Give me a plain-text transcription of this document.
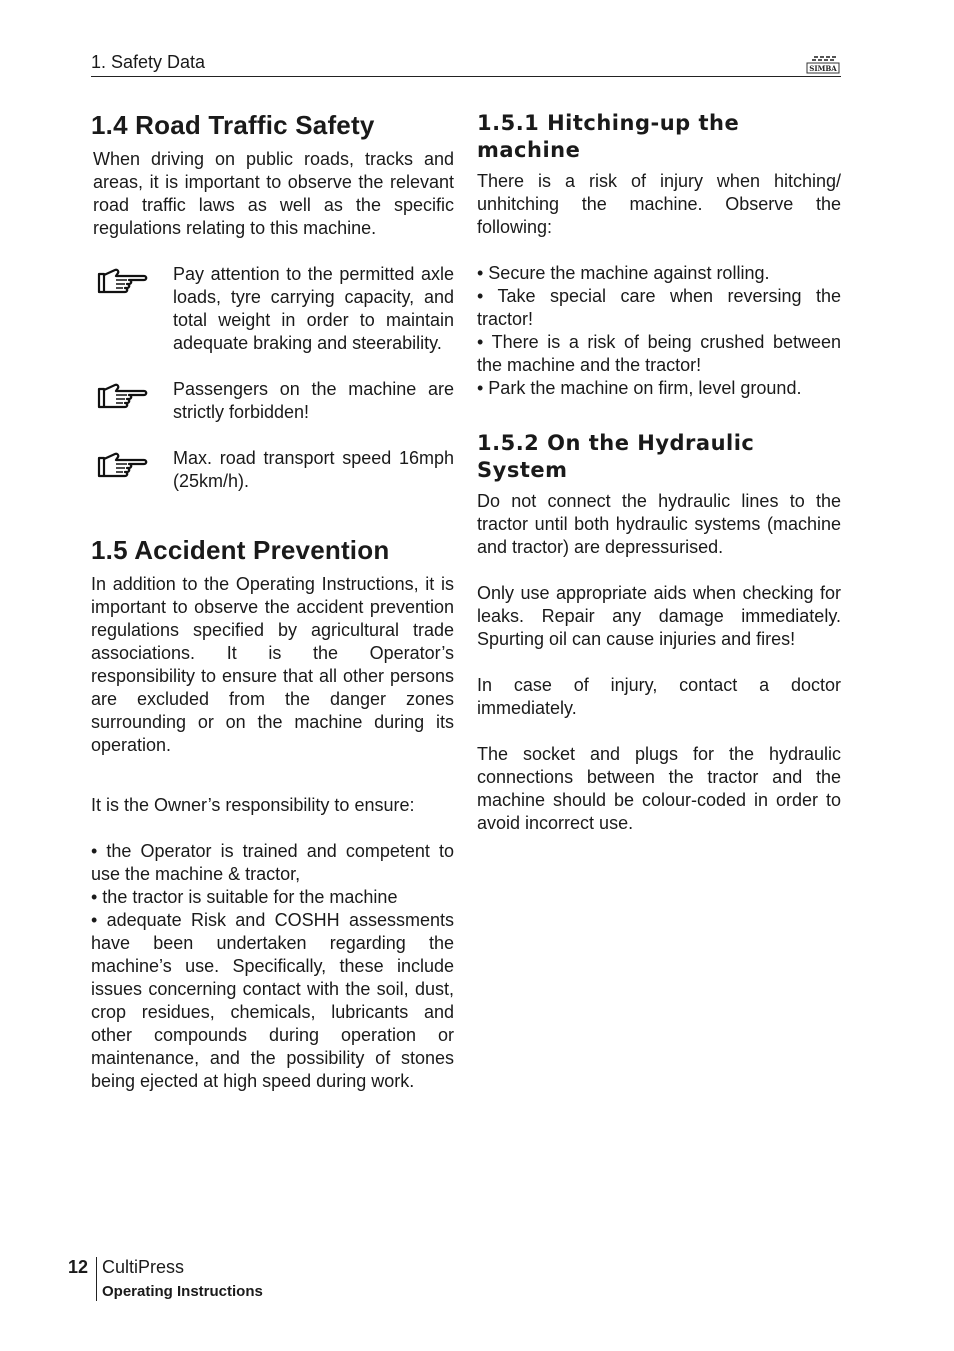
1. Safety Data	SIMBA
1.4 Road Traffic Safety

When driving on public roads, tracks and areas, it is important to observe the relevant road traffic laws as well as the specific regulations relating to this machine.

Pay attention to the permitted axle loads, tyre carrying capacity, and total weight in order to maintain adequate braking and steerability.

Passengers on the machine are strictly forbidden!

Max. road transport speed 16mph (25km/h).

1.5 Accident Prevention

In addition to the Operating Instructions, it is important to observe the accident prevention regulations specified by agricultural trade associations. It is the Operator’s responsibility to ensure that all other persons are excluded from the danger zones surrounding or on the machine during its operation.

It is the Owner’s responsibility to ensure:

• the Operator is trained and competent to use the machine & tractor,

• the tractor is suitable for the machine

• adequate Risk and COSHH assessments have been undertaken regarding the machine’s use. Specifically, these include issues concerning contact with the soil, dust, crop residues, chemicals, lubricants and other compounds during operation or maintenance, and the possibility of stones being ejected at high speed during work.

1.5.1 Hitching-up the machine

There is a risk of injury when hitching/ unhitching the machine. Observe the following:

• Secure the machine against rolling.

• Take special care when reversing the tractor!

• There is a risk of being crushed between the machine and the tractor!

• Park the machine on firm, level ground.

1.5.2 On the Hydraulic System

Do not connect the hydraulic lines to the tractor until both hydraulic systems (machine and tractor) are depressurised.

Only use appropriate aids when checking for leaks. Repair any damage immediately. Spurting oil can cause injuries and fires!

In case of injury, contact a doctor immediately.

The socket and plugs for the hydraulic connections between the tractor and the machine should be colour-coded in order to avoid incorrect use.

12 CultiPress
Operating Instructions
